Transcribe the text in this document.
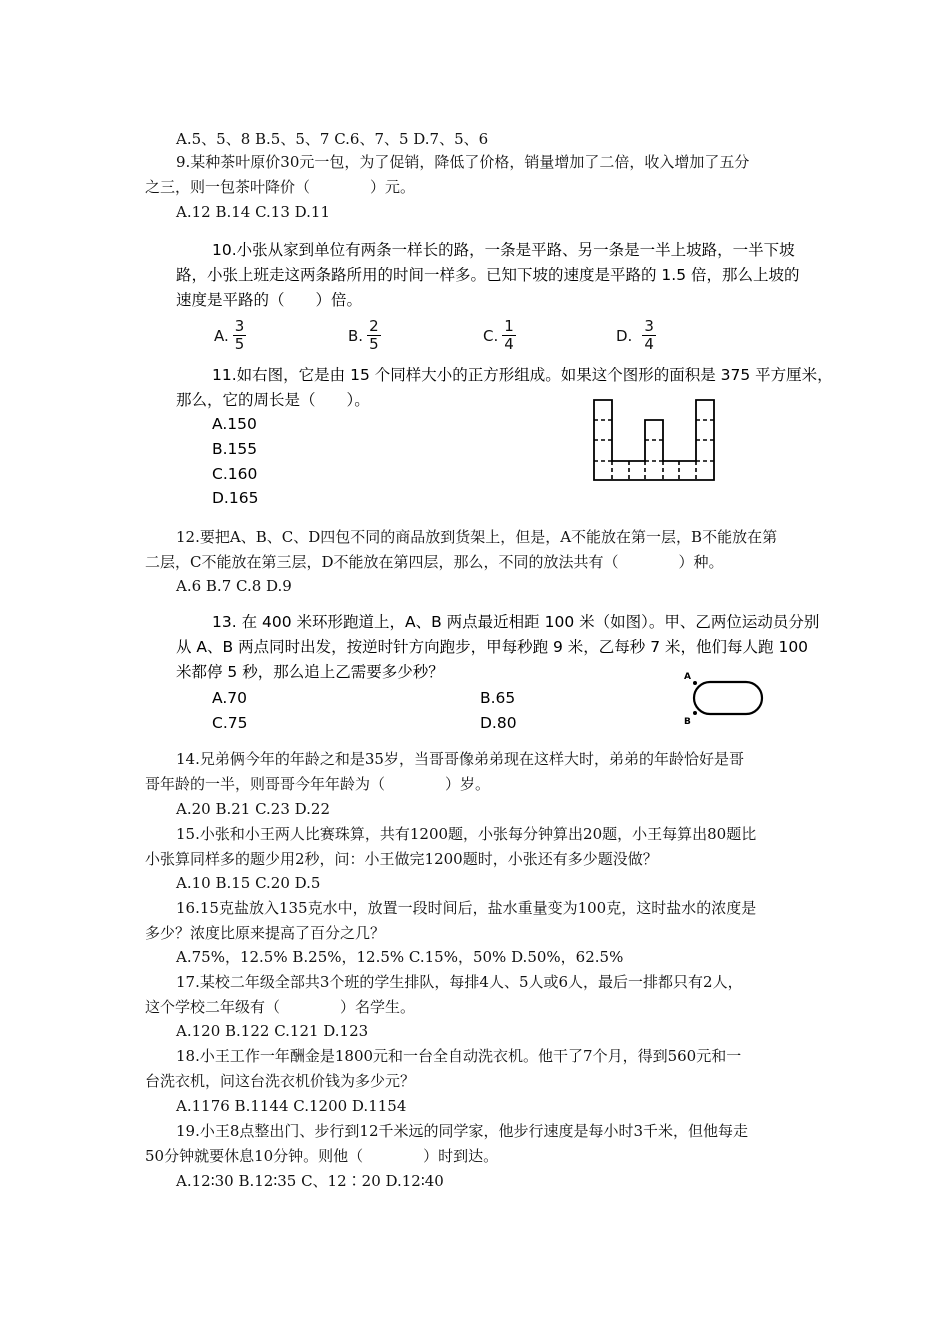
A.5、5、8 B.5、5、7 C.6、7、5 D.7、5、6
9.某种茶叶原价30元一包，为了促销，降低了价格，销量增加了二倍，收入增加了五分
之三，则一包茶叶降价（　　　　）元。
A.12 B.14 C.13 D.11
10.小张从家到单位有两条一样长的路，一条是平路、另一条是一半上坡路，一半下坡
路，小张上班走这两条路所用的时间一样多。已知下坡的速度是平路的 1.5 倍，那么上坡的
速度是平路的（　　）倍。
A. $\frac{3}{5}$	B. $\frac{2}{5}$	C. $\frac{1}{4}$	D. $\frac{3}{4}$
11.如右图，它是由 15 个同样大小的正方形组成。如果这个图形的面积是 375 平方厘米，
那么，它的周长是（　　）。
A.150
B.155
C.160
D.165
12.要把A、B、C、D四包不同的商品放到货架上，但是，A不能放在第一层，B不能放在第
二层，C不能放在第三层，D不能放在第四层，那么，不同的放法共有（　　　　）种。
A.6 B.7 C.8 D.9
13. 在 400 米环形跑道上，A、B 两点最近相距 100 米（如图）。甲、乙两位运动员分别
从 A、B 两点同时出发，按逆时针方向跑步，甲每秒跑 9 米，乙每秒 7 米，他们每人跑 100
米都停 5 秒，那么追上乙需要多少秒？
A.70	B.65
C.75	D.80
A
B
14.兄弟俩今年的年龄之和是35岁，当哥哥像弟弟现在这样大时，弟弟的年龄恰好是哥
哥年龄的一半，则哥哥今年年龄为（　　　　）岁。
A.20 B.21 C.23 D.22
15.小张和小王两人比赛珠算，共有1200题，小张每分钟算出20题，小王每算出80题比
小张算同样多的题少用2秒，问：小王做完1200题时，小张还有多少题没做？
A.10 B.15 C.20 D.5
16.15克盐放入135克水中，放置一段时间后，盐水重量变为100克，这时盐水的浓度是
多少？浓度比原来提高了百分之几？
A.75%，12.5% B.25%，12.5% C.15%，50% D.50%，62.5%
17.某校二年级全部共3个班的学生排队，每排4人、5人或6人，最后一排都只有2人，
这个学校二年级有（　　　　）名学生。
A.120 B.122 C.121 D.123
18.小王工作一年酬金是1800元和一台全自动洗衣机。他干了7个月，得到560元和一
台洗衣机，问这台洗衣机价钱为多少元？
A.1176 B.1144 C.1200 D.1154
19.小王8点整出门、步行到12千米远的同学家，他步行速度是每小时3千米，但他每走
50分钟就要休息10分钟。则他（　　　　）时到达。
A.12∶30 B.12∶35 C、12∶20 D.12∶40
